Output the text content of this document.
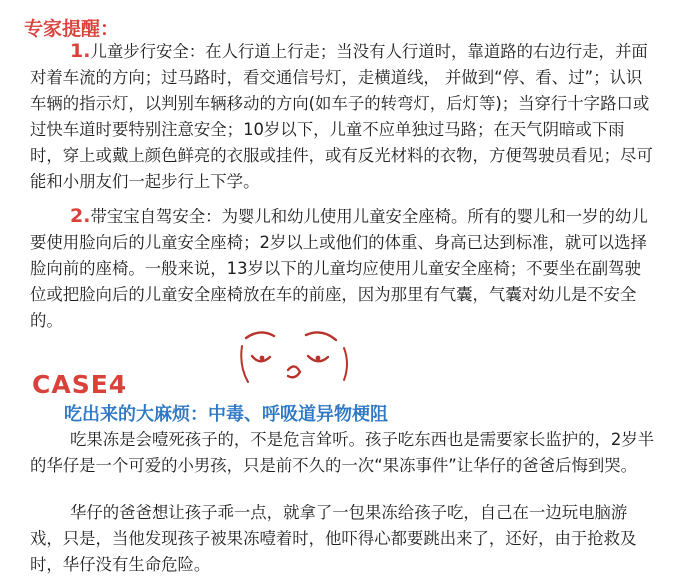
专家提醒：

1.儿童步行安全：在人行道上行走；当没有人行道时，靠道路的右边行走，并面对着车流的方向；过马路时，看交通信号灯，走横道线， 并做到“停、看、过”；认识车辆的指示灯，以判别车辆移动的方向(如车子的转弯灯，后灯等)；当穿行十字路口或过快车道时要特别注意安全；10岁以下，儿童不应单独过马路；在天气阴暗或下雨时，穿上或戴上颜色鲜亮的衣服或挂件，或有反光材料的衣物，方便驾驶员看见；尽可能和小朋友们一起步行上下学。

2.带宝宝自驾安全：为婴儿和幼儿使用儿童安全座椅。所有的婴儿和一岁的幼儿要使用脸向后的儿童安全座椅；2岁以上或他们的体重、身高已达到标准，就可以选择脸向前的座椅。一般来说，13岁以下的儿童均应使用儿童安全座椅；不要坐在副驾驶位或把脸向后的儿童安全座椅放在车的前座，因为那里有气囊，气囊对幼儿是不安全的。

CASE4
吃出来的大麻烦：中毒、呼吸道异物梗阻

吃果冻是会噎死孩子的，不是危言耸听。孩子吃东西也是需要家长监护的，2岁半的华仔是一个可爱的小男孩，只是前不久的一次“果冻事件”让华仔的爸爸后悔到哭。

华仔的爸爸想让孩子乖一点，就拿了一包果冻给孩子吃，自己在一边玩电脑游戏，只是，当他发现孩子被果冻噎着时，他吓得心都要跳出来了，还好，由于抢救及时，华仔没有生命危险。
